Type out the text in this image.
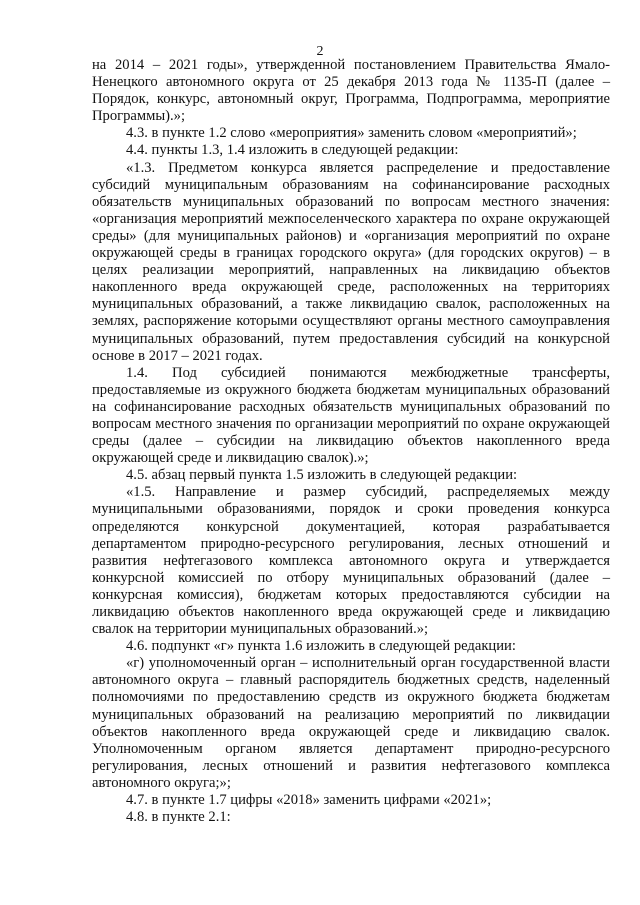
2

на 2014 – 2021 годы», утвержденной постановлением Правительства Ямало-Ненецкого автономного округа от 25 декабря 2013 года № 1135-П (далее – Порядок, конкурс, автономный округ, Программа, Подпрограмма, мероприятие Программы).»;

4.3. в пункте 1.2 слово «мероприятия» заменить словом «мероприятий»;

4.4. пункты 1.3, 1.4 изложить в следующей редакции:

«1.3. Предметом конкурса является распределение и предоставление субсидий муниципальным образованиям на софинансирование расходных обязательств муниципальных образований по вопросам местного значения: «организация мероприятий межпоселенческого характера по охране окружающей среды» (для муниципальных районов) и «организация мероприятий по охране окружающей среды в границах городского округа» (для городских округов) – в целях реализации мероприятий, направленных на ликвидацию объектов накопленного вреда окружающей среде, расположенных на территориях муниципальных образований, а также ликвидацию свалок, расположенных на землях, распоряжение которыми осуществляют органы местного самоуправления муниципальных образований, путем предоставления субсидий на конкурсной основе в 2017 – 2021 годах.

1.4. Под субсидией понимаются межбюджетные трансферты, предоставляемые из окружного бюджета бюджетам муниципальных образований на софинансирование расходных обязательств муниципальных образований по вопросам местного значения по организации мероприятий по охране окружающей среды (далее – субсидии на ликвидацию объектов накопленного вреда окружающей среде и ликвидацию свалок).»;

4.5. абзац первый пункта 1.5 изложить в следующей редакции:

«1.5. Направление и размер субсидий, распределяемых между муниципальными образованиями, порядок и сроки проведения конкурса определяются конкурсной документацией, которая разрабатывается департаментом природно-ресурсного регулирования, лесных отношений и развития нефтегазового комплекса автономного округа и утверждается конкурсной комиссией по отбору муниципальных образований (далее – конкурсная комиссия), бюджетам которых предоставляются субсидии на ликвидацию объектов накопленного вреда окружающей среде и ликвидацию свалок на территории муниципальных образований.»;

4.6. подпункт «г» пункта 1.6 изложить в следующей редакции:

«г) уполномоченный орган – исполнительный орган государственной власти автономного округа – главный распорядитель бюджетных средств, наделенный полномочиями по предоставлению средств из окружного бюджета бюджетам муниципальных образований на реализацию мероприятий по ликвидации объектов накопленного вреда окружающей среде и ликвидацию свалок. Уполномоченным органом является департамент природно-ресурсного регулирования, лесных отношений и развития нефтегазового комплекса автономного округа;»;

4.7. в пункте 1.7 цифры «2018» заменить цифрами «2021»;

4.8. в пункте 2.1:
